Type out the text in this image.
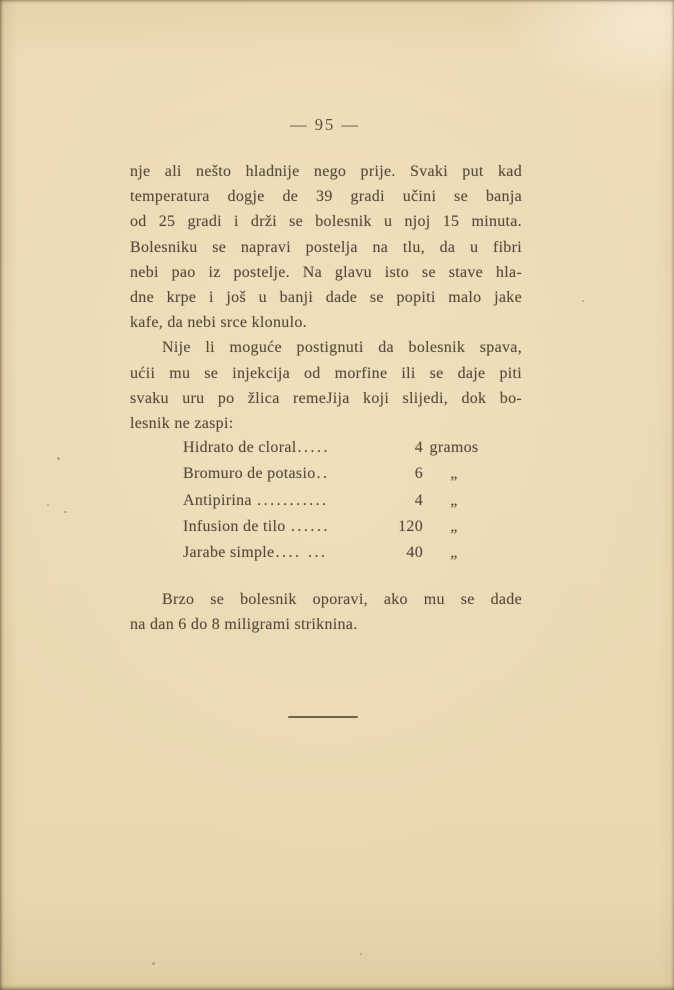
— 95 —
nje ali nešto hladnije nego prije. Svaki put kad
temperatura dogje de 39 gradi učini se banja
od 25 gradi i drži se bolesnik u njoj 15 minuta.
Bolesniku se napravi postelja na tlu, da u fibri
nebi pao iz postelje. Na glavu isto se stave hla-
dne krpe i još u banji dade se popiti malo jake
kafe, da nebi srce klonulo.
Nije li moguće postignuti da bolesnik spava,
ućii mu se injekcija od morfine ili se daje piti
svaku uru po žlica remeJija koji slijedi, dok bo-
lesnik ne zaspi:
Hidrato de cloral.....	4 gramos
Bromuro de potasio..	6	„
Antipirina ...........	4	„
Infusion de tilo ......	120	„
Jarabe simple.... ...	40	„
Brzo se bolesnik oporavi, ako mu se dade
na dan 6 do 8 miligrami striknina.
